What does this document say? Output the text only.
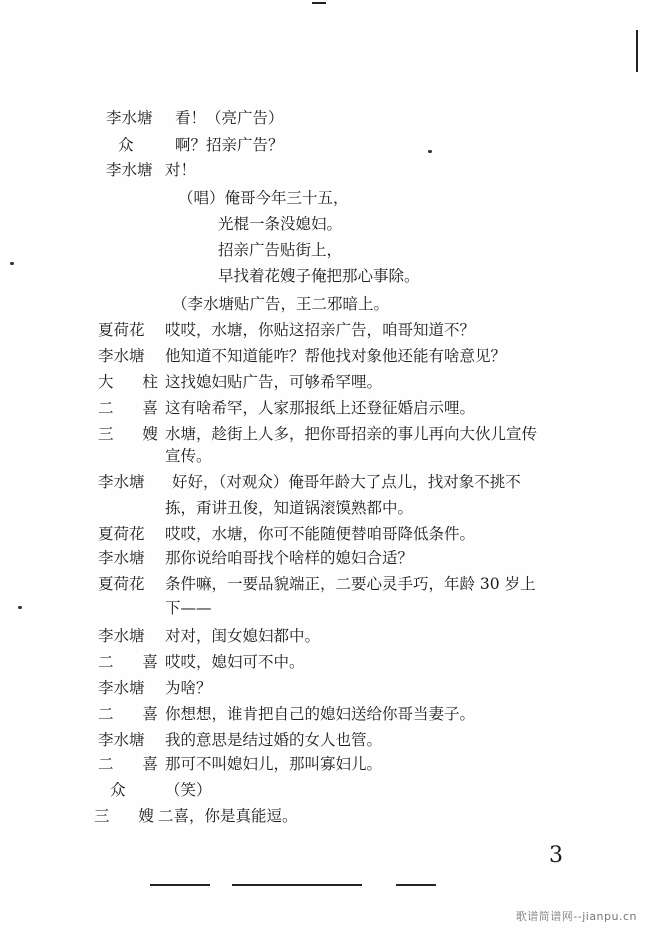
李水塘 看！（亮广告）
众	啊？招亲广告？
李水塘 对！
（唱）俺哥今年三十五，
光棍一条没媳妇。
招亲广告贴街上，
早找着花嫂子俺把那心事除。
（李水塘贴广告，王二邪暗上。
夏荷花 哎哎，水塘，你贴这招亲广告，咱哥知道不？
李水塘 他知道不知道能咋？帮他找对象他还能有啥意见？
大 柱
这找媳妇贴广告，可够希罕哩。
二 喜
这有啥希罕，人家那报纸上还登征婚启示哩。
三 嫂
水塘，趁街上人多，把你哥招亲的事儿再向大伙儿宣传
宣传。
李水塘 好好，（对观众）俺哥年龄大了点儿，找对象不挑不
拣，甭讲丑俊，知道锅滚馍熟都中。
夏荷花 哎哎，水塘，你可不能随便替咱哥降低条件。
李水塘 那你说给咱哥找个啥样的媳妇合适？
夏荷花 条件嘛，一要品貌端正，二要心灵手巧，年龄 30 岁上
下——
李水塘 对对，闺女媳妇都中。
二 喜
哎哎，媳妇可不中。
李水塘 为啥？
二 喜
你想想，谁肯把自己的媳妇送给你哥当妻子。
李水塘 我的意思是结过婚的女人也管。
二 喜
那可不叫媳妇儿，那叫寡妇儿。
众	（笑）
三 嫂
二喜，你是真能逗。
3
歌谱简谱网--jianpu.cn
